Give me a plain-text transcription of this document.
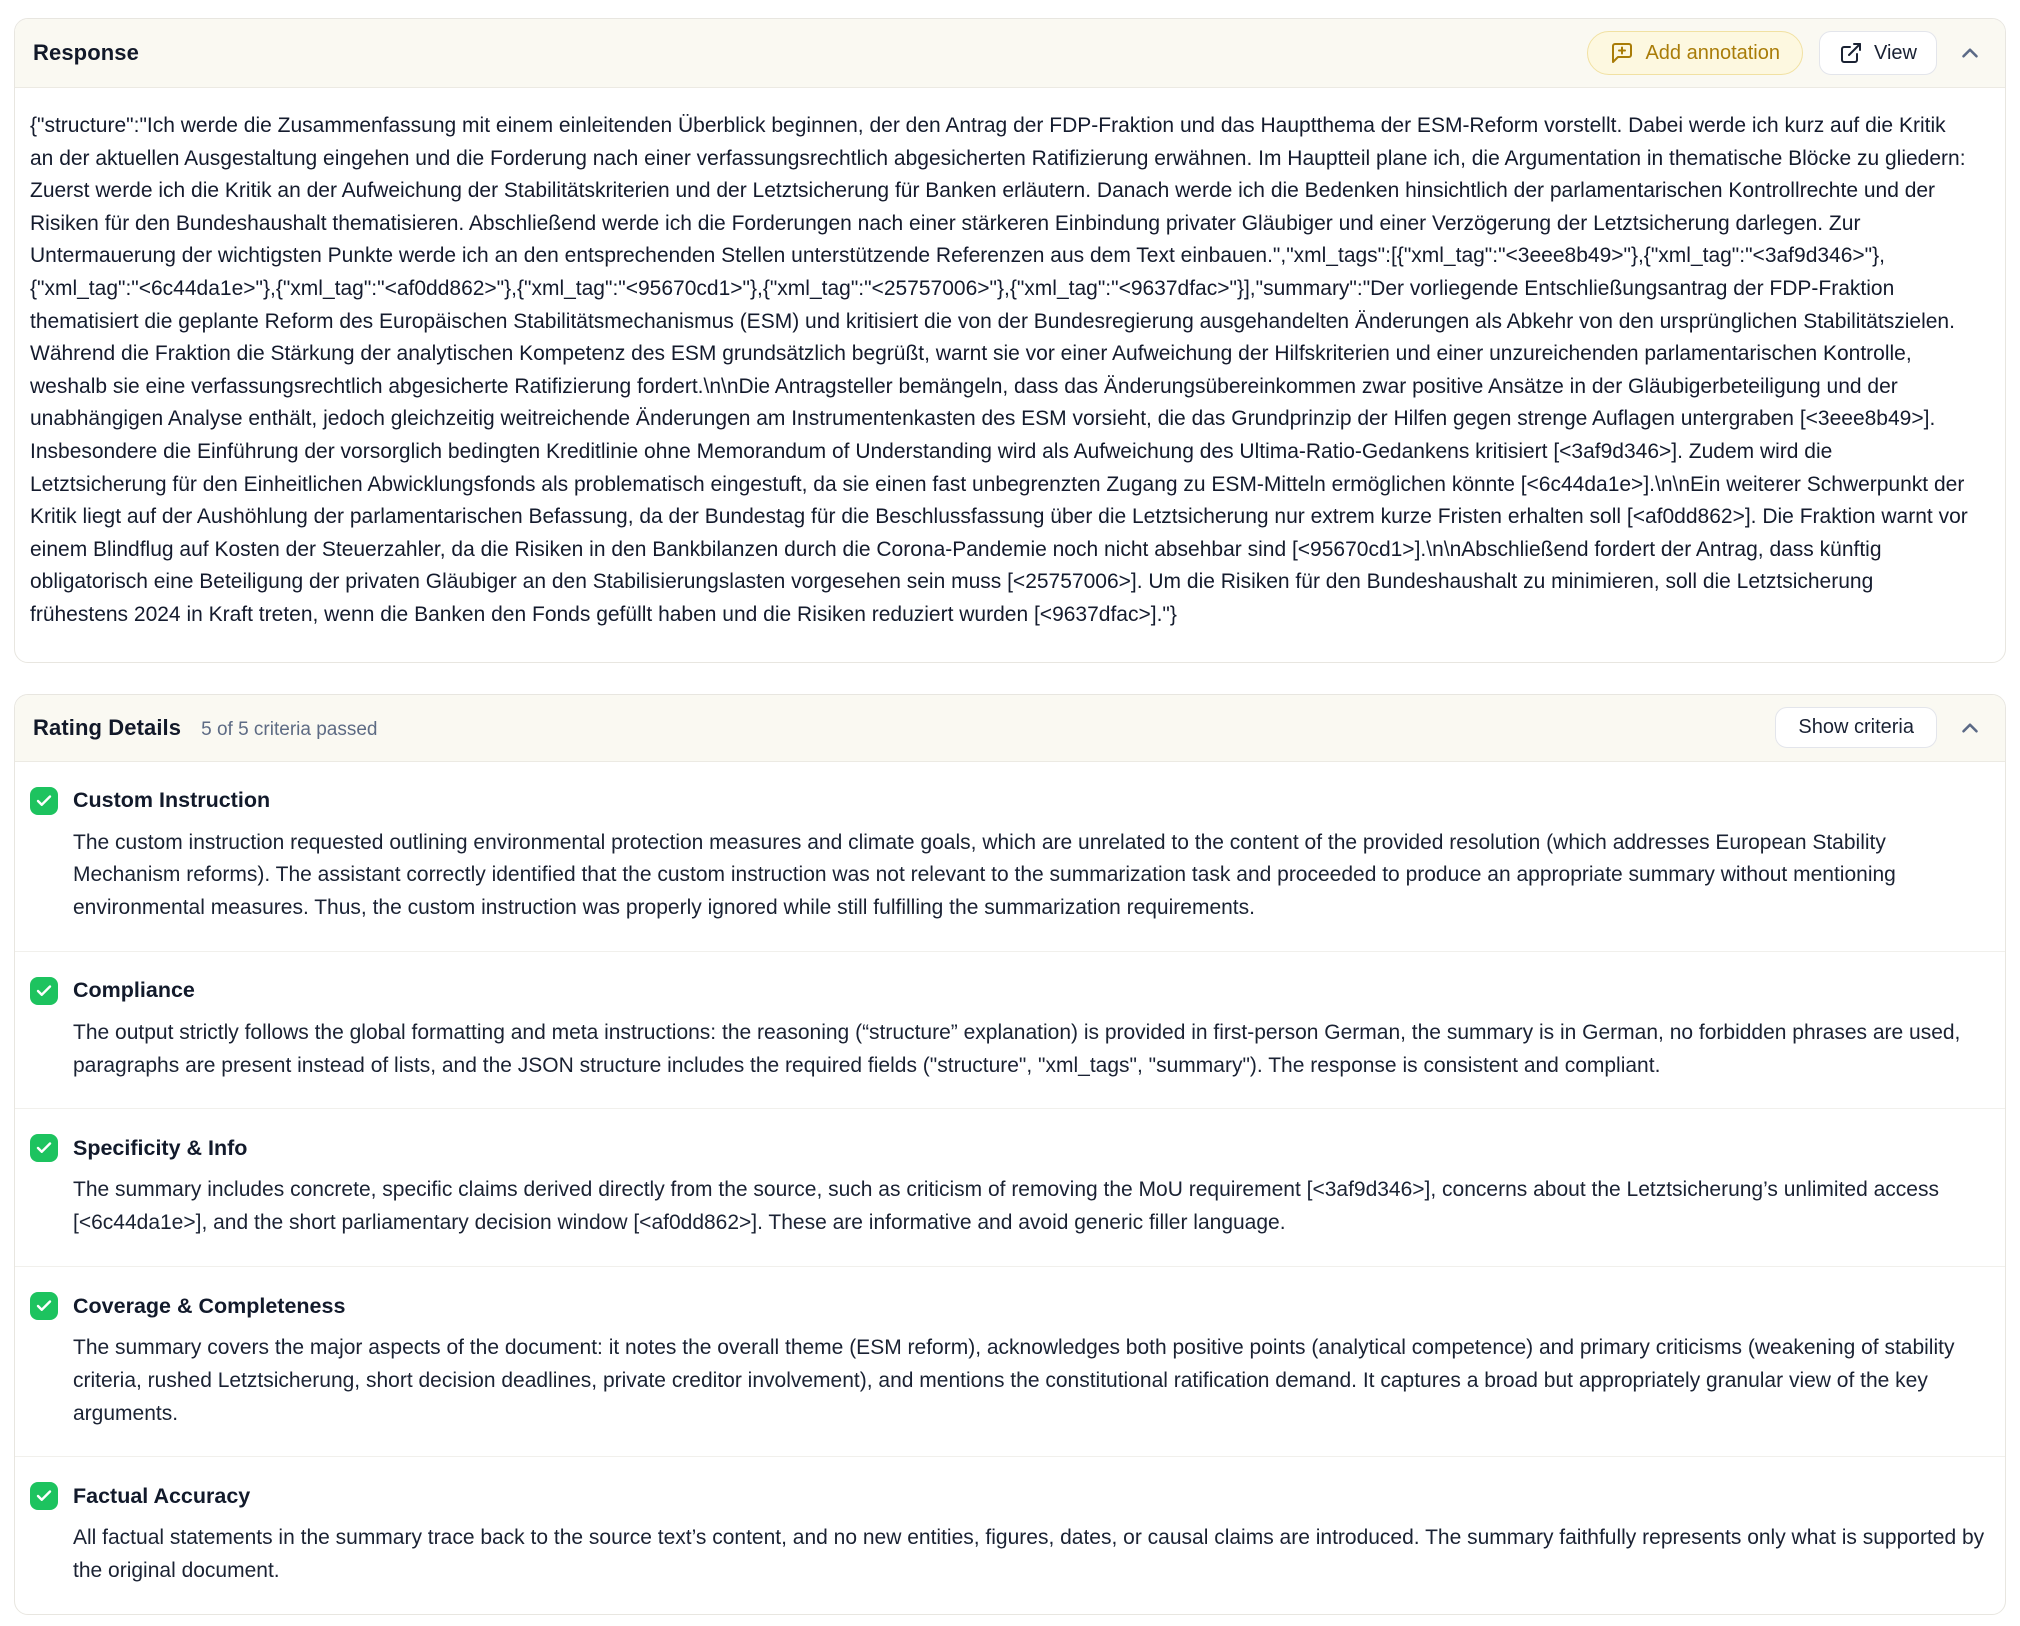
Response	Add annotation	View
{"structure":"Ich werde die Zusammenfassung mit einem einleitenden Überblick beginnen, der den Antrag der FDP-Fraktion und das Hauptthema der ESM-Reform vorstellt. Dabei werde ich kurz auf die Kritik an der aktuellen Ausgestaltung eingehen und die Forderung nach einer verfassungsrechtlich abgesicherten Ratifizierung erwähnen. Im Hauptteil plane ich, die Argumentation in thematische Blöcke zu gliedern: Zuerst werde ich die Kritik an der Aufweichung der Stabilitätskriterien und der Letztsicherung für Banken erläutern. Danach werde ich die Bedenken hinsichtlich der parlamentarischen Kontrollrechte und der Risiken für den Bundeshaushalt thematisieren. Abschließend werde ich die Forderungen nach einer stärkeren Einbindung privater Gläubiger und einer Verzögerung der Letztsicherung darlegen. Zur Untermauerung der wichtigsten Punkte werde ich an den entsprechenden Stellen unterstützende Referenzen aus dem Text einbauen.","xml_tags":[{"xml_tag":"<3eee8b49>"},{"xml_tag":"<3af9d346>"},{"xml_tag":"<6c44da1e>"},{"xml_tag":"<af0dd862>"},{"xml_tag":"<95670cd1>"},{"xml_tag":"<25757006>"},{"xml_tag":"<9637dfac>"}],"summary":"Der vorliegende Entschließungsantrag der FDP-Fraktion thematisiert die geplante Reform des Europäischen Stabilitätsmechanismus (ESM) und kritisiert die von der Bundesregierung ausgehandelten Änderungen als Abkehr von den ursprünglichen Stabilitätszielen. Während die Fraktion die Stärkung der analytischen Kompetenz des ESM grundsätzlich begrüßt, warnt sie vor einer Aufweichung der Hilfskriterien und einer unzureichenden parlamentarischen Kontrolle, weshalb sie eine verfassungsrechtlich abgesicherte Ratifizierung fordert.\n\nDie Antragsteller bemängeln, dass das Änderungsübereinkommen zwar positive Ansätze in der Gläubigerbeteiligung und der unabhängigen Analyse enthält, jedoch gleichzeitig weitreichende Änderungen am Instrumentenkasten des ESM vorsieht, die das Grundprinzip der Hilfen gegen strenge Auflagen untergraben [<3eee8b49>]. Insbesondere die Einführung der vorsorglich bedingten Kreditlinie ohne Memorandum of Understanding wird als Aufweichung des Ultima-Ratio-Gedankens kritisiert [<3af9d346>]. Zudem wird die Letztsicherung für den Einheitlichen Abwicklungsfonds als problematisch eingestuft, da sie einen fast unbegrenzten Zugang zu ESM-Mitteln ermöglichen könnte [<6c44da1e>].\n\nEin weiterer Schwerpunkt der Kritik liegt auf der Aushöhlung der parlamentarischen Befassung, da der Bundestag für die Beschlussfassung über die Letztsicherung nur extrem kurze Fristen erhalten soll [<af0dd862>]. Die Fraktion warnt vor einem Blindflug auf Kosten der Steuerzahler, da die Risiken in den Bankbilanzen durch die Corona-Pandemie noch nicht absehbar sind [<95670cd1>].\n\nAbschließend fordert der Antrag, dass künftig obligatorisch eine Beteiligung der privaten Gläubiger an den Stabilisierungslasten vorgesehen sein muss [<25757006>]. Um die Risiken für den Bundeshaushalt zu minimieren, soll die Letztsicherung frühestens 2024 in Kraft treten, wenn die Banken den Fonds gefüllt haben und die Risiken reduziert wurden [<9637dfac>]."}
Rating Details 5 of 5 criteria passed	Show criteria
Custom Instruction
The custom instruction requested outlining environmental protection measures and climate goals, which are unrelated to the content of the provided resolution (which addresses European Stability Mechanism reforms). The assistant correctly identified that the custom instruction was not relevant to the summarization task and proceeded to produce an appropriate summary without mentioning environmental measures. Thus, the custom instruction was properly ignored while still fulfilling the summarization requirements.
Compliance
The output strictly follows the global formatting and meta instructions: the reasoning (“structure” explanation) is provided in first-person German, the summary is in German, no forbidden phrases are used, paragraphs are present instead of lists, and the JSON structure includes the required fields ("structure", "xml_tags", "summary"). The response is consistent and compliant.
Specificity & Info
The summary includes concrete, specific claims derived directly from the source, such as criticism of removing the MoU requirement [<3af9d346>], concerns about the Letztsicherung’s unlimited access [<6c44da1e>], and the short parliamentary decision window [<af0dd862>]. These are informative and avoid generic filler language.
Coverage & Completeness
The summary covers the major aspects of the document: it notes the overall theme (ESM reform), acknowledges both positive points (analytical competence) and primary criticisms (weakening of stability criteria, rushed Letztsicherung, short decision deadlines, private creditor involvement), and mentions the constitutional ratification demand. It captures a broad but appropriately granular view of the key arguments.
Factual Accuracy
All factual statements in the summary trace back to the source text’s content, and no new entities, figures, dates, or causal claims are introduced. The summary faithfully represents only what is supported by the original document.
